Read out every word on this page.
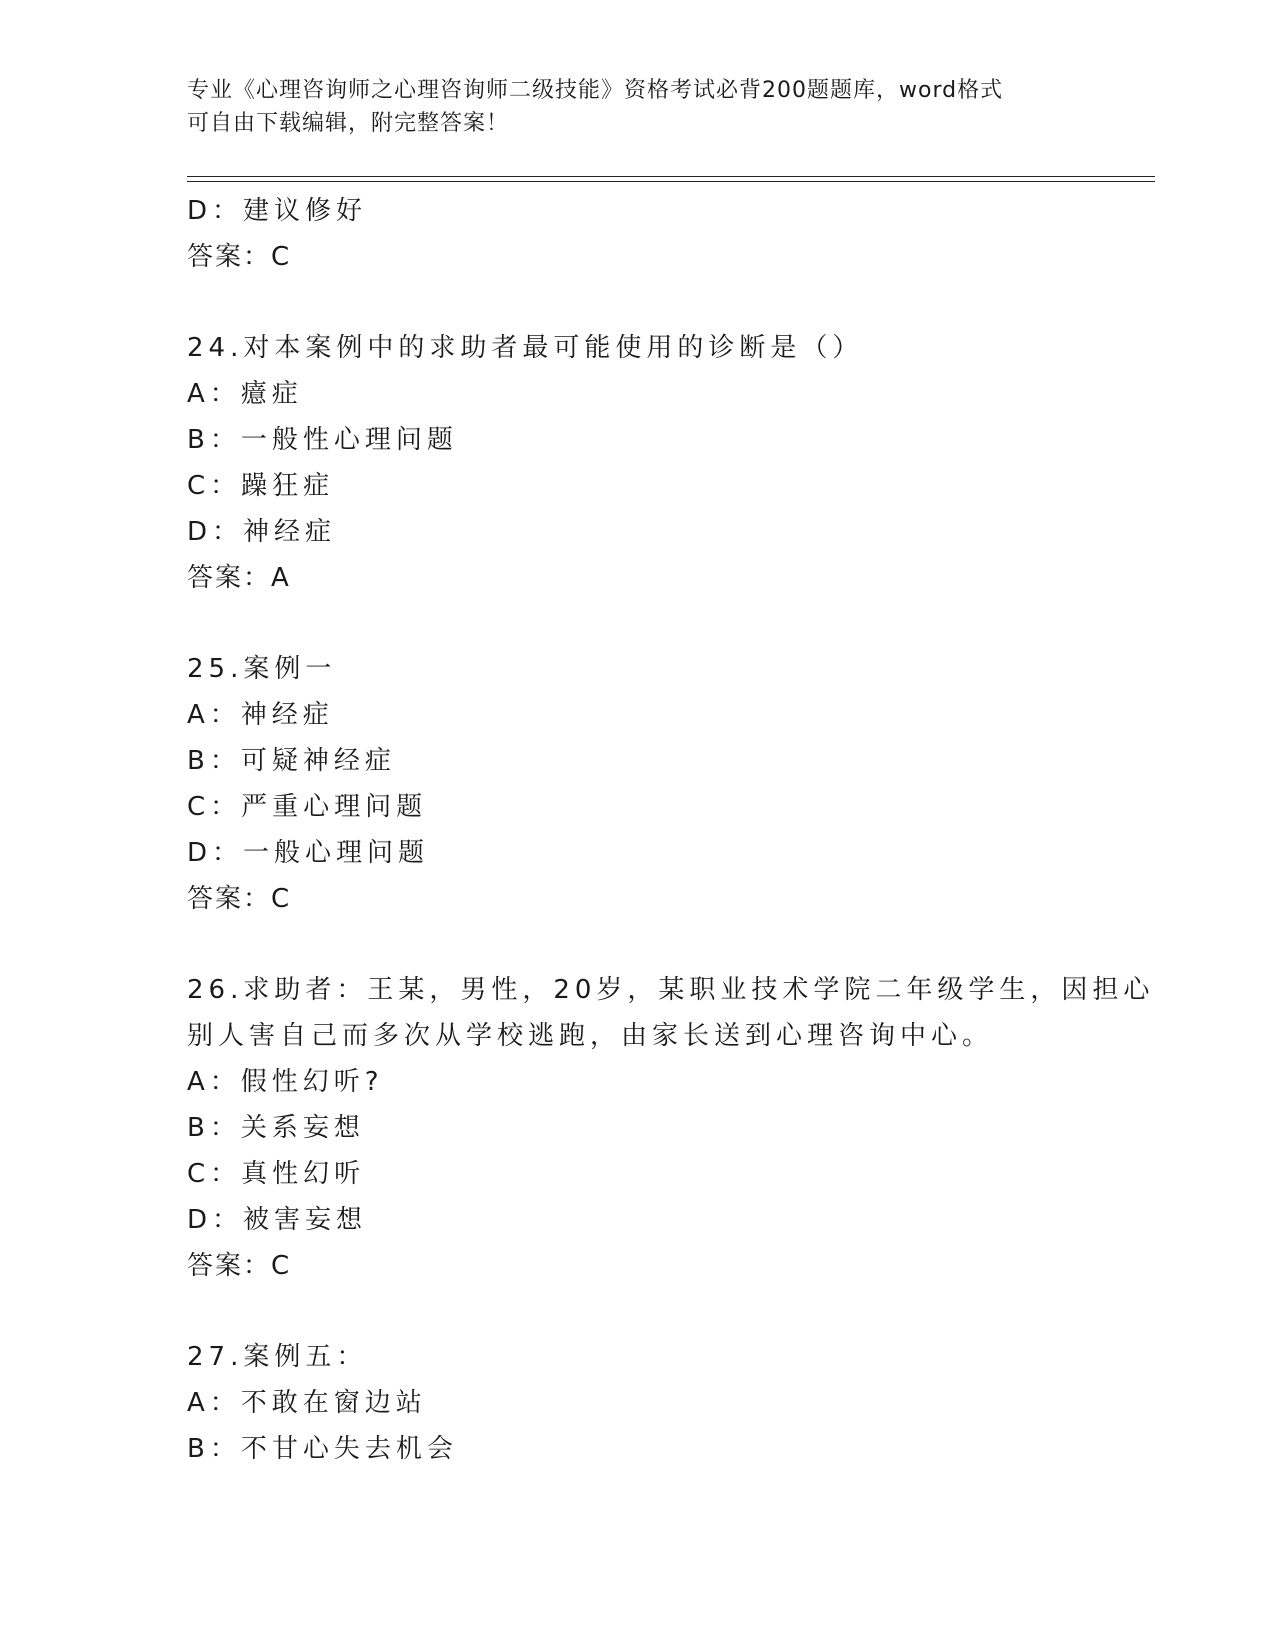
专业《心理咨询师之心理咨询师二级技能》资格考试必背200题题库，word格式
可自由下载编辑，附完整答案！
D：建议修好
答案：C
24.对本案例中的求助者最可能使用的诊断是（）
A：癔症
B：一般性心理问题
C：躁狂症
D：神经症
答案：A
25.案例一
A：神经症
B：可疑神经症
C：严重心理问题
D：一般心理问题
答案：C
26.求助者：王某，男性，20岁，某职业技术学院二年级学生，因担心
别人害自己而多次从学校逃跑，由家长送到心理咨询中心。
A：假性幻听?
B：关系妄想
C：真性幻听
D：被害妄想
答案：C
27.案例五：
A：不敢在窗边站
B：不甘心失去机会
